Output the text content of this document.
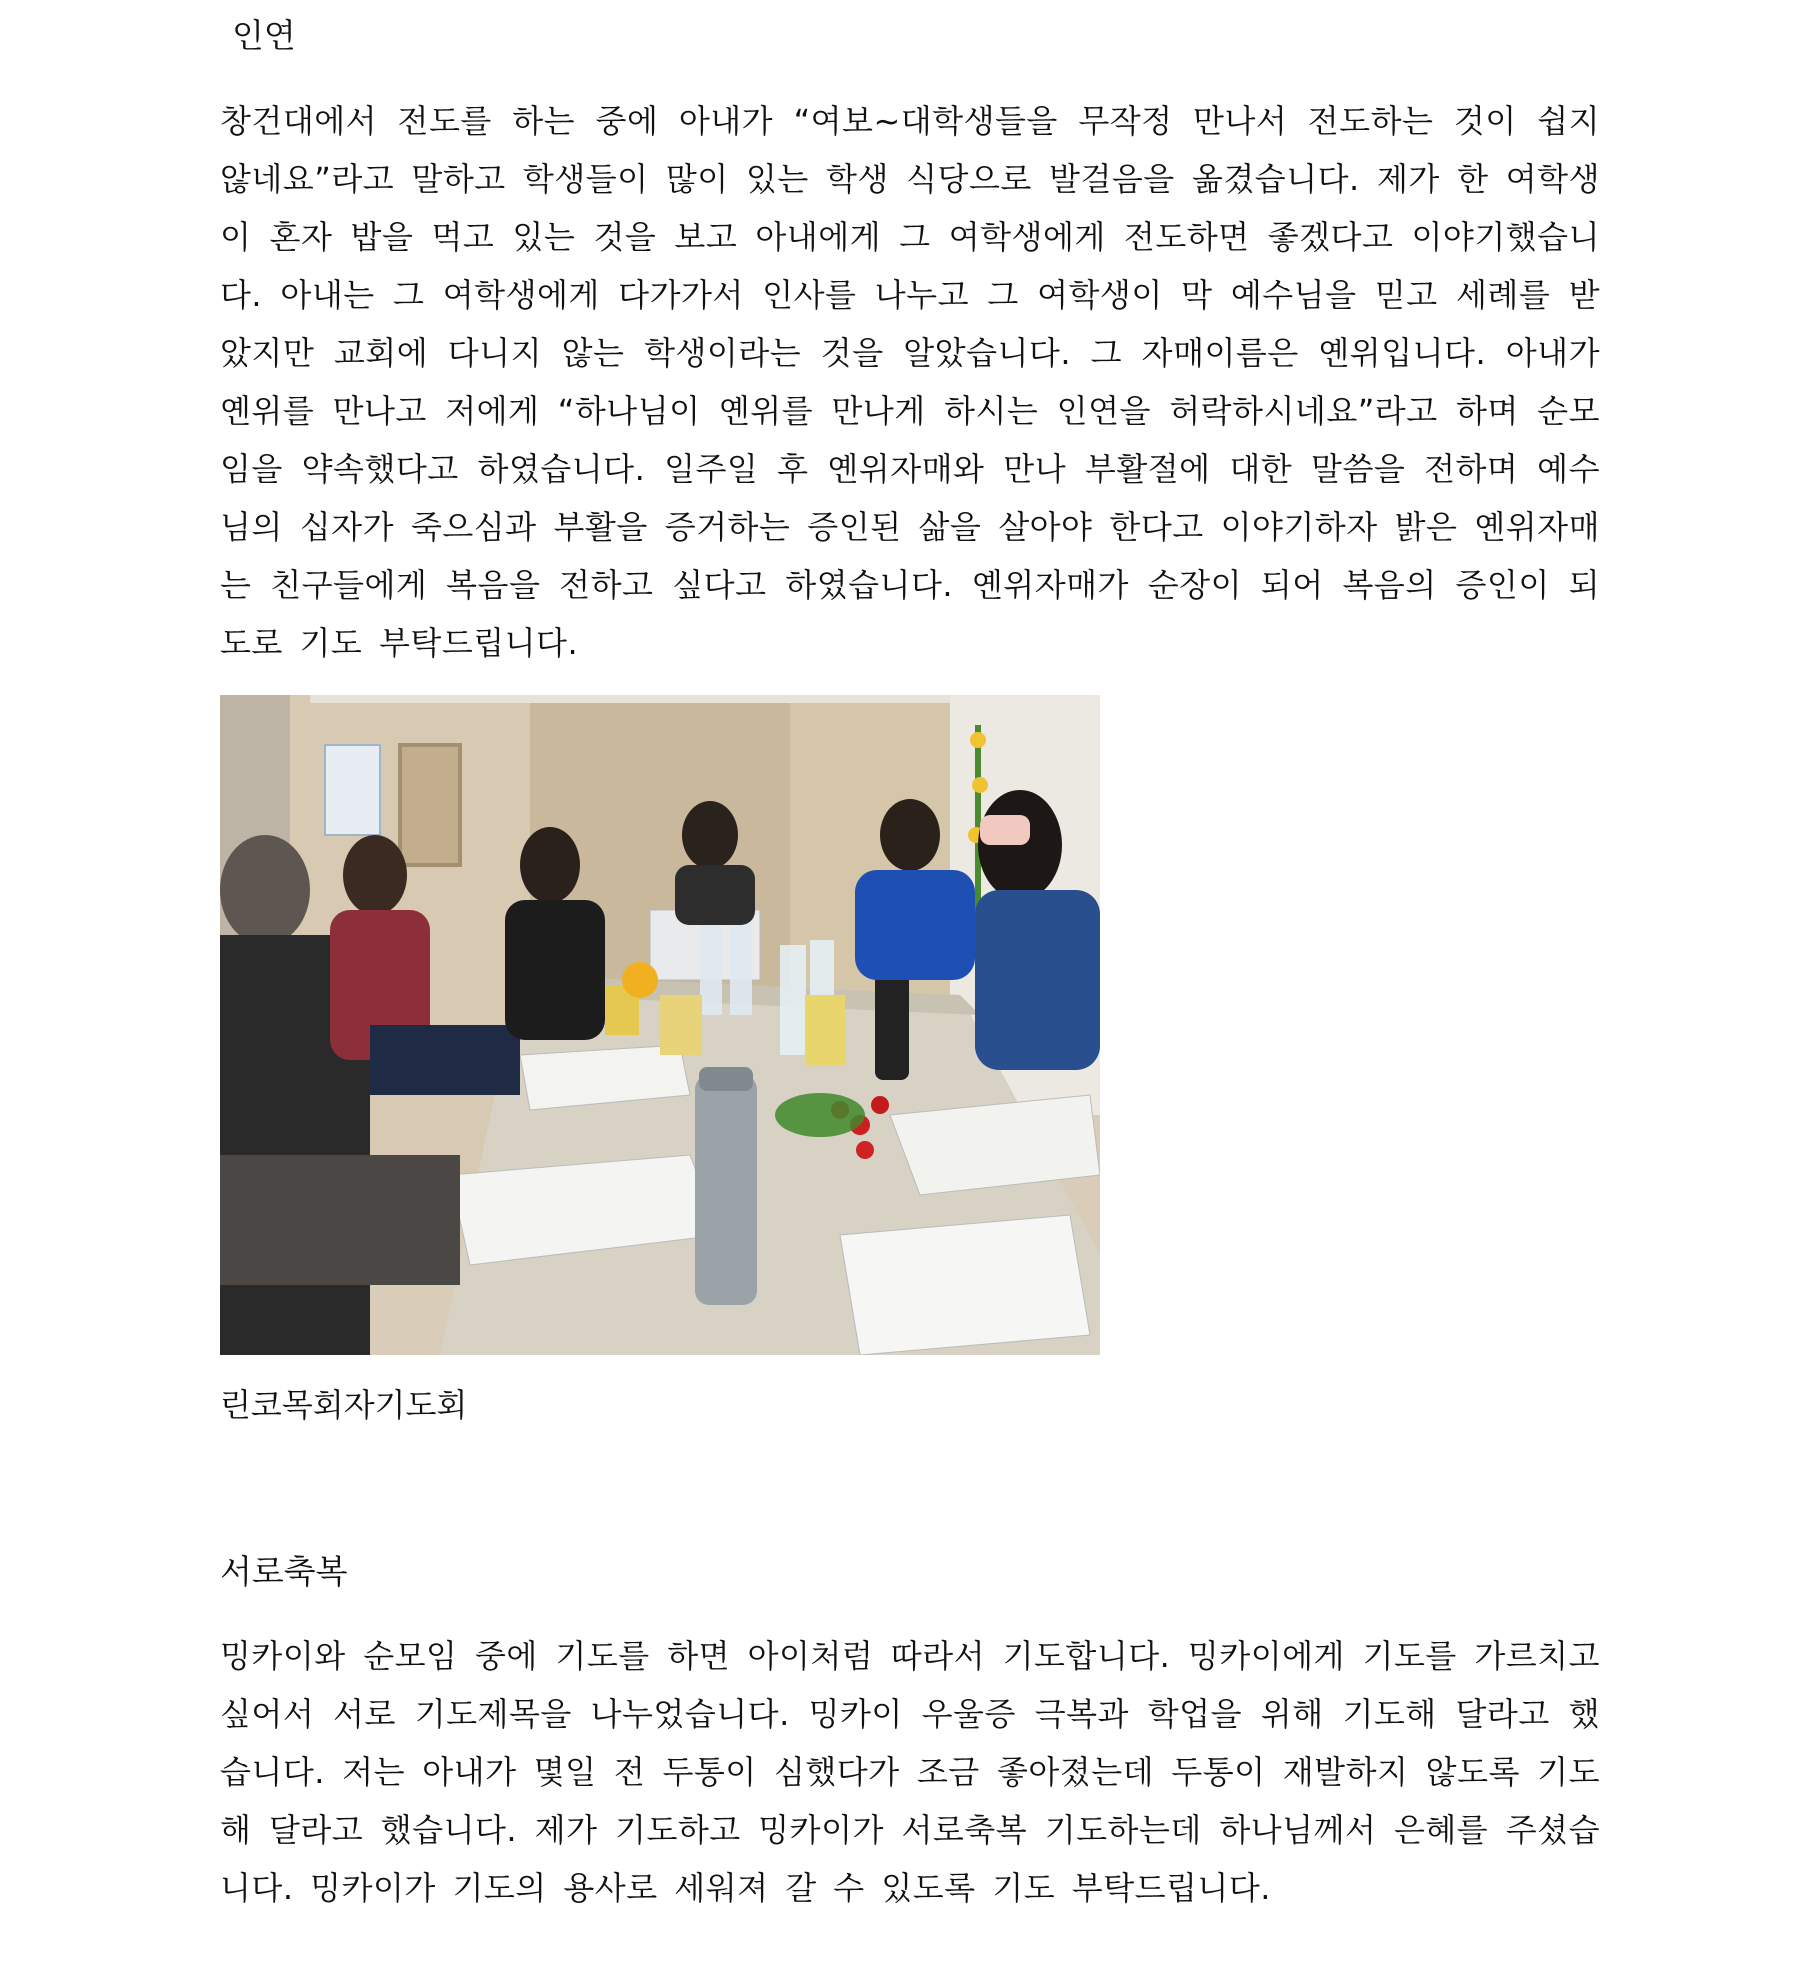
인연
창건대에서 전도를 하는 중에 아내가 “여보~대학생들을 무작정 만나서 전도하는 것이 쉽지 않네요”라고 말하고 학생들이 많이 있는 학생 식당으로 발걸음을 옮겼습니다. 제가 한 여학생이 혼자 밥을 먹고 있는 것을 보고 아내에게 그 여학생에게 전도하면 좋겠다고 이야기했습니다. 아내는 그 여학생에게 다가가서 인사를 나누고 그 여학생이 막 예수님을 믿고 세례를 받았지만 교회에 다니지 않는 학생이라는 것을 알았습니다. 그 자매이름은 옌위입니다. 아내가 옌위를 만나고 저에게 “하나님이 옌위를 만나게 하시는 인연을 허락하시네요”라고 하며 순모임을 약속했다고 하였습니다. 일주일 후 옌위자매와 만나 부활절에 대한 말씀을 전하며 예수님의 십자가 죽으심과 부활을 증거하는 증인된 삶을 살아야 한다고 이야기하자 밝은 옌위자매는 친구들에게 복음을 전하고 싶다고 하였습니다. 옌위자매가 순장이 되어 복음의 증인이 되도로 기도 부탁드립니다.
린코목회자기도회
서로축복
밍카이와 순모임 중에 기도를 하면 아이처럼 따라서 기도합니다. 밍카이에게 기도를 가르치고 싶어서 서로 기도제목을 나누었습니다. 밍카이 우울증 극복과 학업을 위해 기도해 달라고 했습니다. 저는 아내가 몇일 전 두통이 심했다가 조금 좋아졌는데 두통이 재발하지 않도록 기도해 달라고 했습니다. 제가 기도하고 밍카이가 서로축복 기도하는데 하나님께서 은혜를 주셨습니다. 밍카이가 기도의 용사로 세워져 갈 수 있도록 기도 부탁드립니다.
